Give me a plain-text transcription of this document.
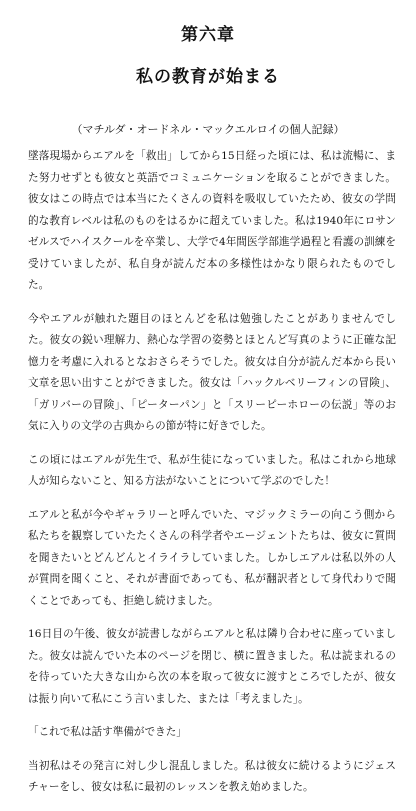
第六章
私の教育が始まる
（マチルダ・オードネル・マックエルロイの個人記録）

墜落現場からエアルを「救出」してから15日経った頃には、私は流暢に、また努力せずとも彼女と英語でコミュニケーションを取ることができました。彼女はこの時点では本当にたくさんの資料を吸収していたため、彼女の学問的な教育レベルは私のものをはるかに超えていました。私は1940年にロサンゼルスでハイスクールを卒業し、大学で4年間医学部進学過程と看護の訓練を受けていましたが、私自身が読んだ本の多様性はかなり限られたものでした。

今やエアルが触れた題目のほとんどを私は勉強したことがありませんでした。彼女の鋭い理解力、熱心な学習の姿勢とほとんど写真のように正確な記憶力を考慮に入れるとなおさらそうでした。彼女は自分が読んだ本から長い文章を思い出すことができました。彼女は「ハックルベリーフィンの冒険」、「ガリバーの冒険」、「ピーターパン」と「スリーピーホローの伝説」等のお気に入りの文学の古典からの節が特に好きでした。

この頃にはエアルが先生で、私が生徒になっていました。私はこれから地球人が知らないこと、知る方法がないことについて学ぶのでした！

エアルと私が今やギャラリーと呼んでいた、マジックミラーの向こう側から私たちを観察していたたくさんの科学者やエージェントたちは、彼女に質問を聞きたいとどんどんとイライラしていました。しかしエアルは私以外の人が質問を聞くこと、それが書面であっても、私が翻訳者として身代わりで聞くことであっても、拒絶し続けました。

16日目の午後、彼女が読書しながらエアルと私は隣り合わせに座っていました。彼女は読んでいた本のページを閉じ、横に置きました。私は読まれるのを待っていた大きな山から次の本を取って彼女に渡すところでしたが、彼女は振り向いて私にこう言いました、または「考えました」。

「これで私は話す準備ができた」

当初私はその発言に対し少し混乱しました。私は彼女に続けるようにジェスチャーをし、彼女は私に最初のレッスンを教え始めました。
